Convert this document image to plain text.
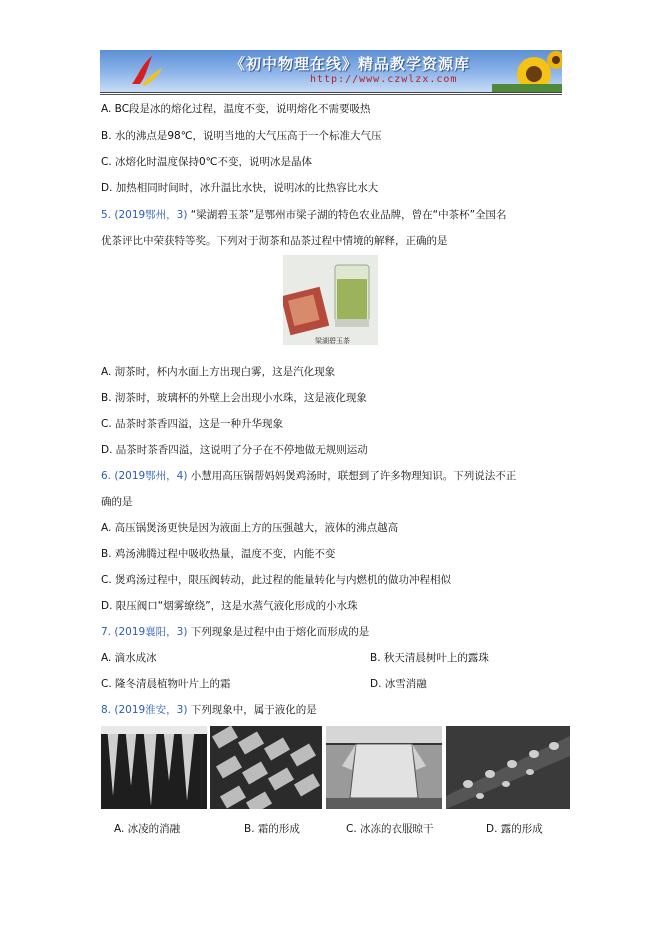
《初中物理在线》精品教学资源库
http://www.czwlzx.com
A. BC段是冰的熔化过程，温度不变，说明熔化不需要吸热
B. 水的沸点是98℃，说明当地的大气压高于一个标准大气压
C. 冰熔化时温度保持0℃不变，说明冰是晶体
D. 加热相同时间时，冰升温比水快，说明冰的比热容比水大
5. (2019鄂州，3) “梁湖碧玉茶”是鄂州市梁子湖的特色农业品牌，曾在“中茶杯”全国名
优茶评比中荣获特等奖。下列对于沏茶和品茶过程中情境的解释，正确的是
梁湖碧玉茶
A. 沏茶时，杯内水面上方出现白雾，这是汽化现象
B. 沏茶时，玻璃杯的外壁上会出现小水珠，这是液化现象
C. 品茶时茶香四溢，这是一种升华现象
D. 品茶时茶香四溢，这说明了分子在不停地做无规则运动
6. (2019鄂州，4) 小慧用高压锅帮妈妈煲鸡汤时，联想到了许多物理知识。下列说法不正
确的是
A. 高压锅煲汤更快是因为液面上方的压强越大，液体的沸点越高
B. 鸡汤沸腾过程中吸收热量，温度不变，内能不变
C. 煲鸡汤过程中，限压阀转动，此过程的能量转化与内燃机的做功冲程相似
D. 限压阀口“烟雾缭绕”，这是水蒸气液化形成的小水珠
7. (2019襄阳，3) 下列现象是过程中由于熔化而形成的是
A. 滴水成冰	B. 秋天清晨树叶上的露珠
C. 隆冬清晨植物叶片上的霜	D. 冰雪消融
8. (2019淮安，3) 下列现象中，属于液化的是
A. 冰凌的消融	B. 霜的形成	C. 冰冻的衣服晾干	D. 露的形成
